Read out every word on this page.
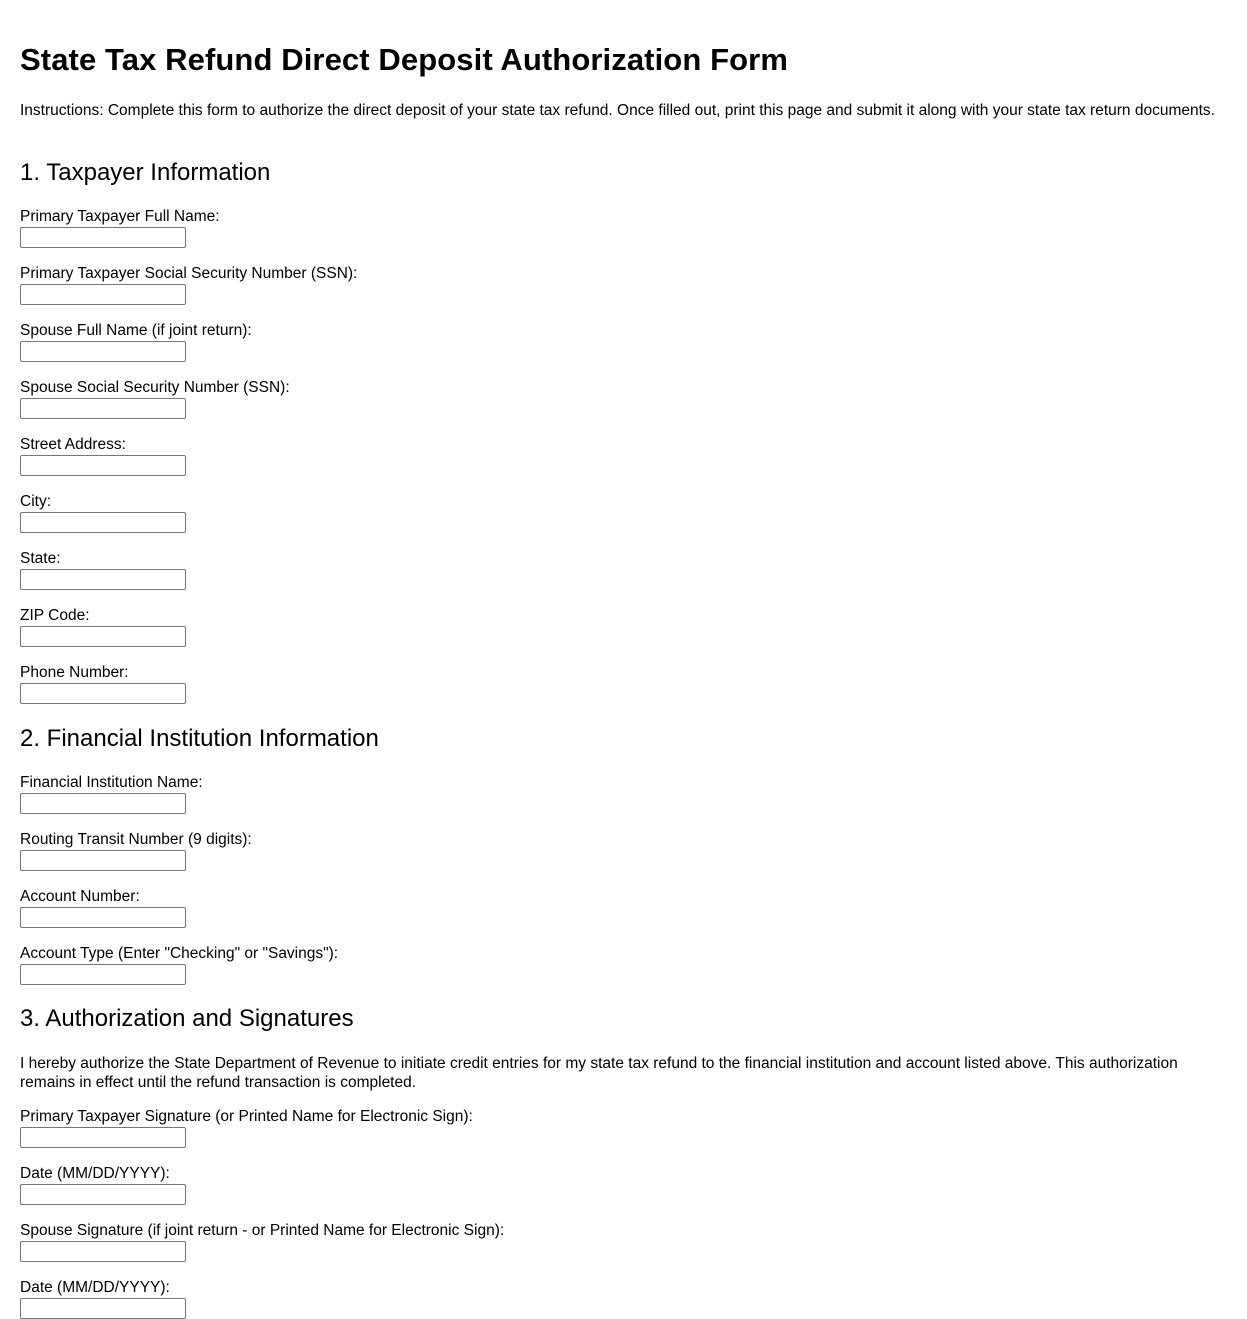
State Tax Refund Direct Deposit Authorization Form

Instructions: Complete this form to authorize the direct deposit of your state tax refund. Once filled out, print this page and submit it along with your state tax return documents.

1. Taxpayer Information
Primary Taxpayer Full Name:
Primary Taxpayer Social Security Number (SSN):
Spouse Full Name (if joint return):
Spouse Social Security Number (SSN):
Street Address:
City:
State:
ZIP Code:
Phone Number:
2. Financial Institution Information
Financial Institution Name:
Routing Transit Number (9 digits):
Account Number:
Account Type (Enter "Checking" or "Savings"):
3. Authorization and Signatures

I hereby authorize the State Department of Revenue to initiate credit entries for my state tax refund to the financial institution and account listed above. This authorization remains in effect until the refund transaction is completed.

Primary Taxpayer Signature (or Printed Name for Electronic Sign):
Date (MM/DD/YYYY):
Spouse Signature (if joint return - or Printed Name for Electronic Sign):
Date (MM/DD/YYYY):
